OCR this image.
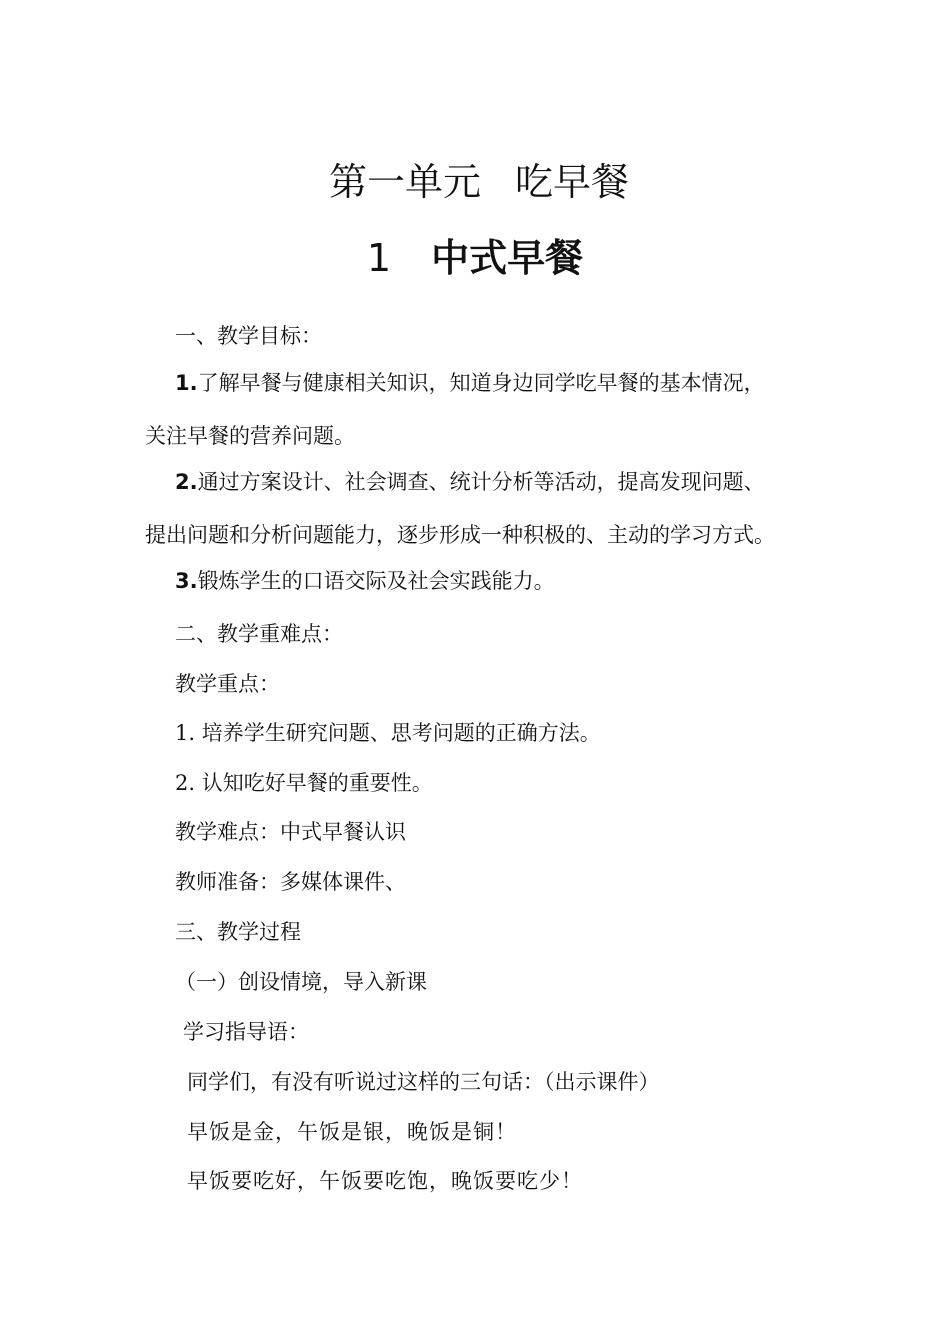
第一单元 吃早餐
1 中式早餐
一、教学目标：
1.了解早餐与健康相关知识，知道身边同学吃早餐的基本情况，
关注早餐的营养问题。
2.通过方案设计、社会调查、统计分析等活动，提高发现问题、
提出问题和分析问题能力，逐步形成一种积极的、主动的学习方式。
3.锻炼学生的口语交际及社会实践能力。
二、教学重难点：
教学重点：
1. 培养学生研究问题、思考问题的正确方法。
2. 认知吃好早餐的重要性。
教学难点：中式早餐认识
教师准备：多媒体课件、
三、教学过程
（一）创设情境，导入新课
学习指导语：
同学们，有没有听说过这样的三句话：（出示课件）
早饭是金，午饭是银，晚饭是铜！
早饭要吃好，午饭要吃饱，晚饭要吃少！
